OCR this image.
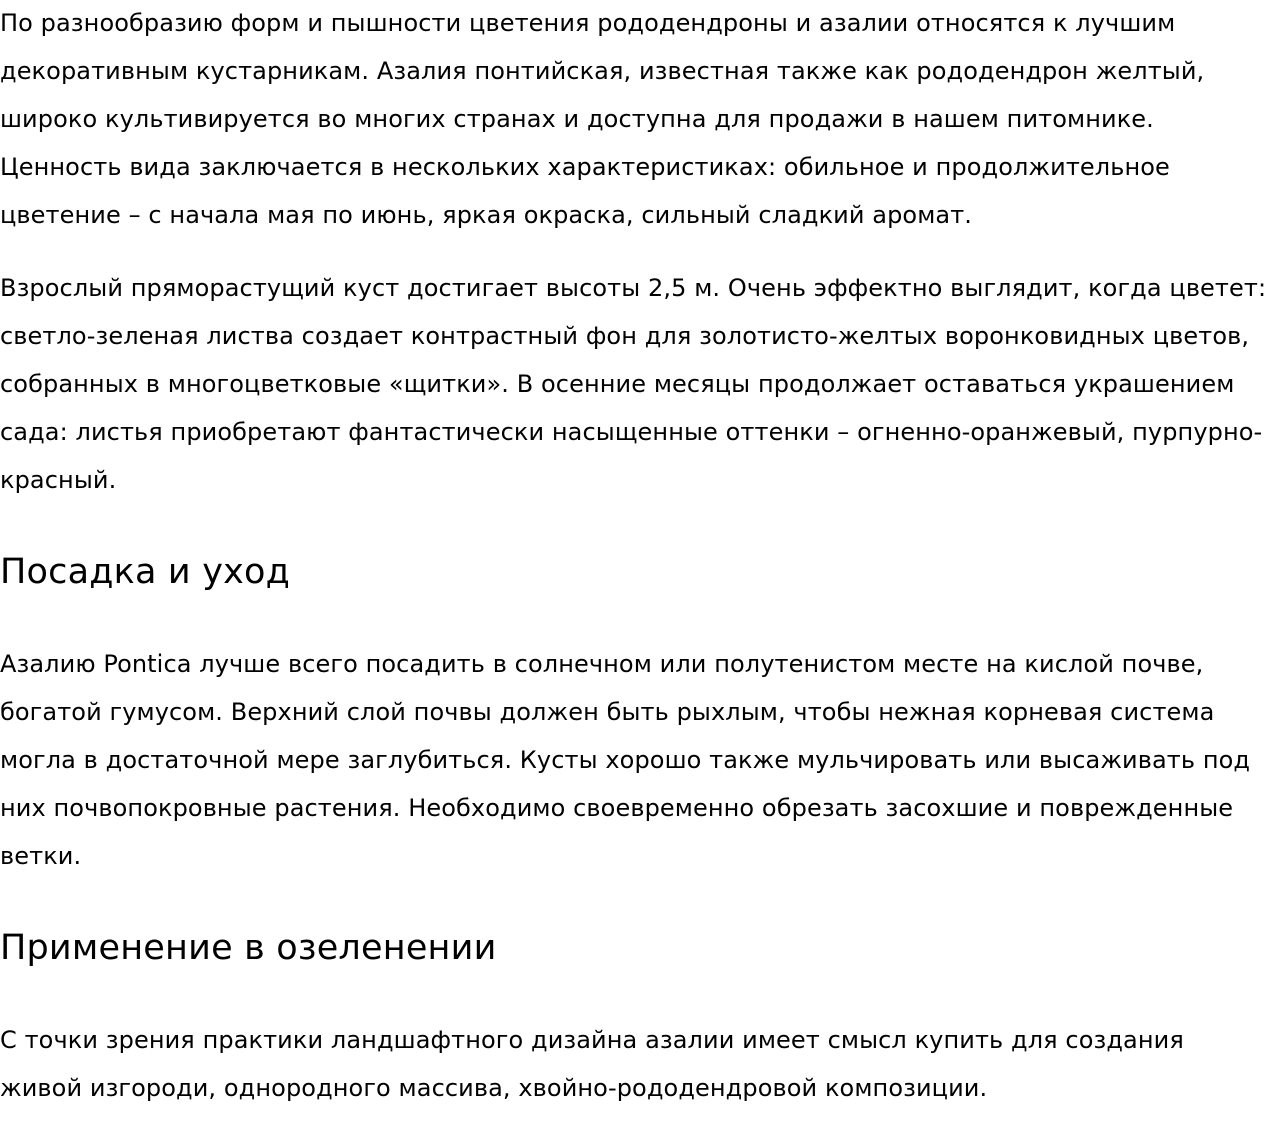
По разнообразию форм и пышности цветения рододендроны и азалии относятся к лучшим декоративным кустарникам. Азалия понтийская, известная также как рододендрон желтый, широко культивируется во многих странах и доступна для продажи в нашем питомнике. Ценность вида заключается в нескольких характеристиках: обильное и продолжительное цветение – с начала мая по июнь, яркая окраска, сильный сладкий аромат.

Взрослый пряморастущий куст достигает высоты 2,5 м. Очень эффектно выглядит, когда цветет: светло-зеленая листва создает контрастный фон для золотисто-желтых воронковидных цветов, собранных в многоцветковые «щитки». В осенние месяцы продолжает оставаться украшением сада: листья приобретают фантастически насыщенные оттенки – огненно-оранжевый, пурпурно-красный.

Посадка и уход

Азалию Pontica лучше всего посадить в солнечном или полутенистом месте на кислой почве, богатой гумусом. Верхний слой почвы должен быть рыхлым, чтобы нежная корневая система могла в достаточной мере заглубиться. Кусты хорошо также мульчировать или высаживать под них почвопокровные растения. Необходимо своевременно обрезать засохшие и поврежденные ветки.

Применение в озеленении

С точки зрения практики ландшафтного дизайна азалии имеет смысл купить для создания живой изгороди, однородного массива, хвойно-рододендровой композиции.
